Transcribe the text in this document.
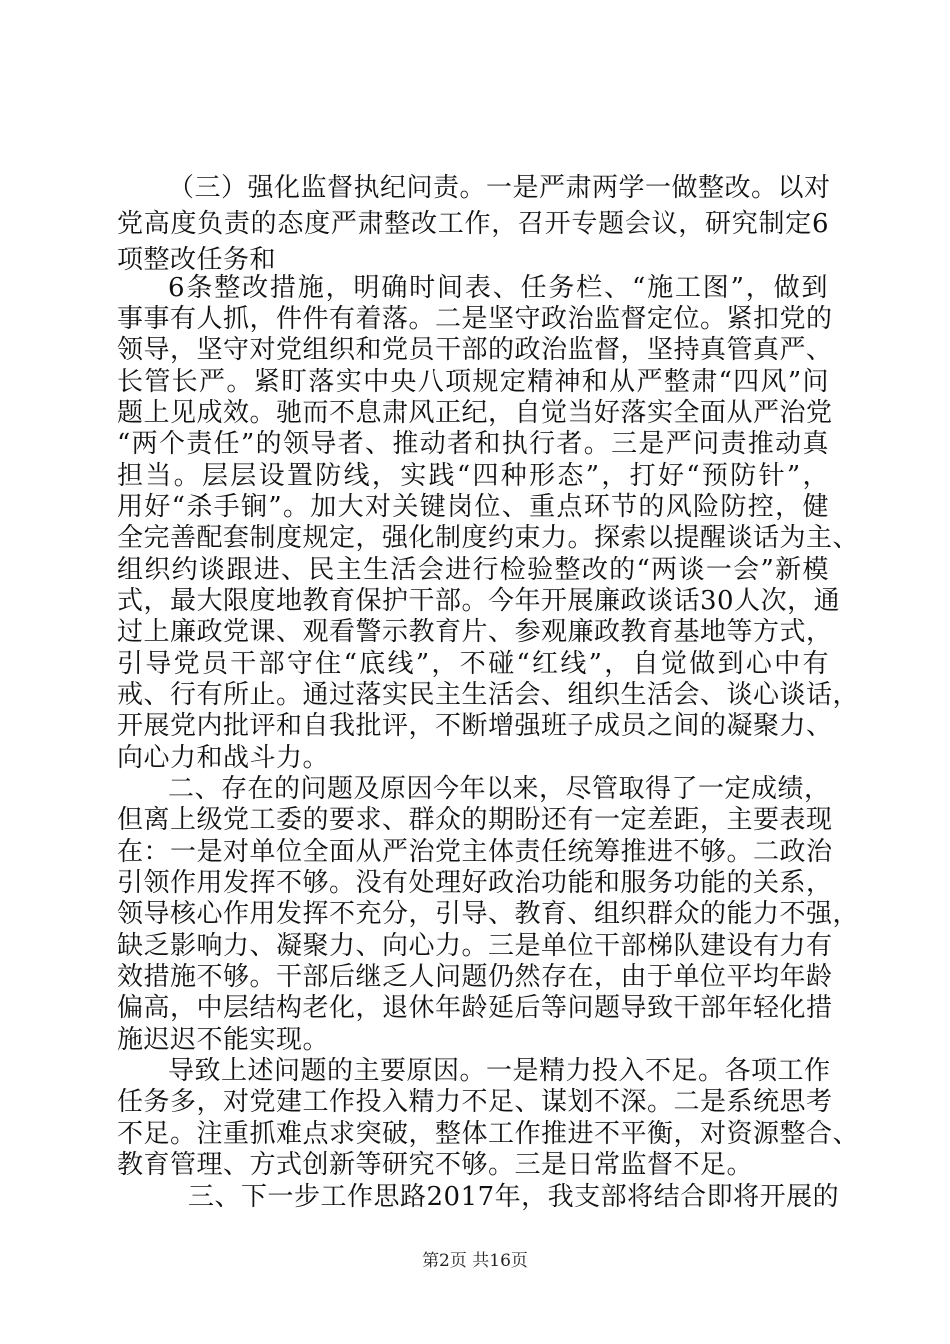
（三）强化监督执纪问责。一是严肃两学一做整改。以对
党高度负责的态度严肃整改工作，召开专题会议，研究制定6
项整改任务和
6条整改措施，明确时间表、任务栏、“施工图”，做到
事事有人抓，件件有着落。二是坚守政治监督定位。紧扣党的
领导，坚守对党组织和党员干部的政治监督，坚持真管真严、
长管长严。紧盯落实中央八项规定精神和从严整肃“四风”问
题上见成效。驰而不息肃风正纪，自觉当好落实全面从严治党
“两个责任”的领导者、推动者和执行者。三是严问责推动真
担当。层层设置防线，实践“四种形态”，打好“预防针”，
用好“杀手锏”。加大对关键岗位、重点环节的风险防控，健
全完善配套制度规定，强化制度约束力。探索以提醒谈话为主、
组织约谈跟进、民主生活会进行检验整改的“两谈一会”新模
式，最大限度地教育保护干部。今年开展廉政谈话30人次，通
过上廉政党课、观看警示教育片、参观廉政教育基地等方式，
引导党员干部守住“底线”，不碰“红线”，自觉做到心中有
戒、行有所止。通过落实民主生活会、组织生活会、谈心谈话，
开展党内批评和自我批评，不断增强班子成员之间的凝聚力、
向心力和战斗力。
二、存在的问题及原因今年以来，尽管取得了一定成绩，
但离上级党工委的要求、群众的期盼还有一定差距，主要表现
在：一是对单位全面从严治党主体责任统筹推进不够。二政治
引领作用发挥不够。没有处理好政治功能和服务功能的关系，
领导核心作用发挥不充分，引导、教育、组织群众的能力不强，
缺乏影响力、凝聚力、向心力。三是单位干部梯队建设有力有
效措施不够。干部后继乏人问题仍然存在，由于单位平均年龄
偏高，中层结构老化，退休年龄延后等问题导致干部年轻化措
施迟迟不能实现。
导致上述问题的主要原因。一是精力投入不足。各项工作
任务多，对党建工作投入精力不足、谋划不深。二是系统思考
不足。注重抓难点求突破，整体工作推进不平衡，对资源整合、
教育管理、方式创新等研究不够。三是日常监督不足。
三、下一步工作思路2017年，我支部将结合即将开展的
第2页 共16页
